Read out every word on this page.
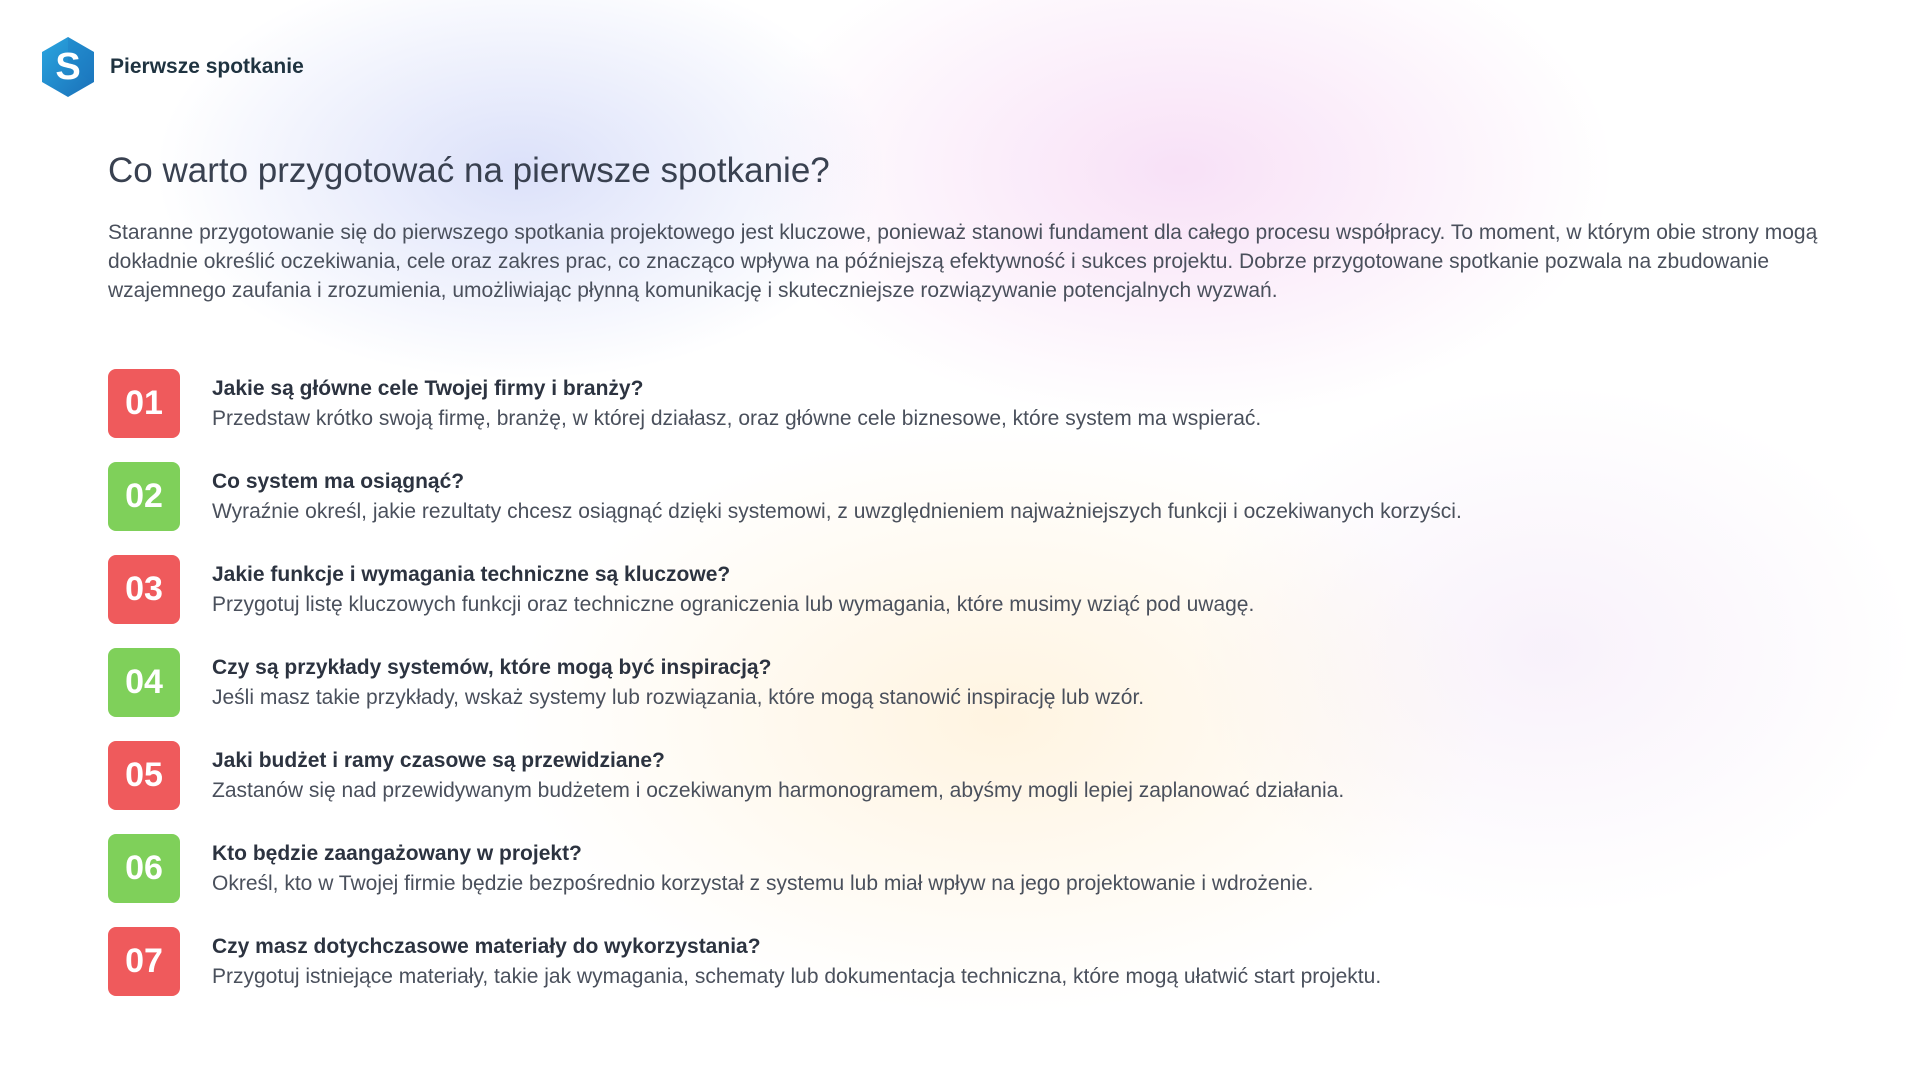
S Pierwsze spotkanie
Co warto przygotować na pierwsze spotkanie?

Staranne przygotowanie się do pierwszego spotkania projektowego jest kluczowe, ponieważ stanowi fundament dla całego procesu współpracy. To moment, w którym obie strony mogą dokładnie określić oczekiwania, cele oraz zakres prac, co znacząco wpływa na późniejszą efektywność i sukces projektu. Dobrze przygotowane spotkanie pozwala na zbudowanie wzajemnego zaufania i zrozumienia, umożliwiając płynną komunikację i skuteczniejsze rozwiązywanie potencjalnych wyzwań.

01	Jakie są główne cele Twojej firmy i branży?
Przedstaw krótko swoją firmę, branżę, w której działasz, oraz główne cele biznesowe, które system ma wspierać.
02	Co system ma osiągnąć?
Wyraźnie określ, jakie rezultaty chcesz osiągnąć dzięki systemowi, z uwzględnieniem najważniejszych funkcji i oczekiwanych korzyści.
03	Jakie funkcje i wymagania techniczne są kluczowe?
Przygotuj listę kluczowych funkcji oraz techniczne ograniczenia lub wymagania, które musimy wziąć pod uwagę.
04	Czy są przykłady systemów, które mogą być inspiracją?
Jeśli masz takie przykłady, wskaż systemy lub rozwiązania, które mogą stanowić inspirację lub wzór.
05	Jaki budżet i ramy czasowe są przewidziane?
Zastanów się nad przewidywanym budżetem i oczekiwanym harmonogramem, abyśmy mogli lepiej zaplanować działania.
06	Kto będzie zaangażowany w projekt?
Określ, kto w Twojej firmie będzie bezpośrednio korzystał z systemu lub miał wpływ na jego projektowanie i wdrożenie.
07	Czy masz dotychczasowe materiały do wykorzystania?
Przygotuj istniejące materiały, takie jak wymagania, schematy lub dokumentacja techniczna, które mogą ułatwić start projektu.
